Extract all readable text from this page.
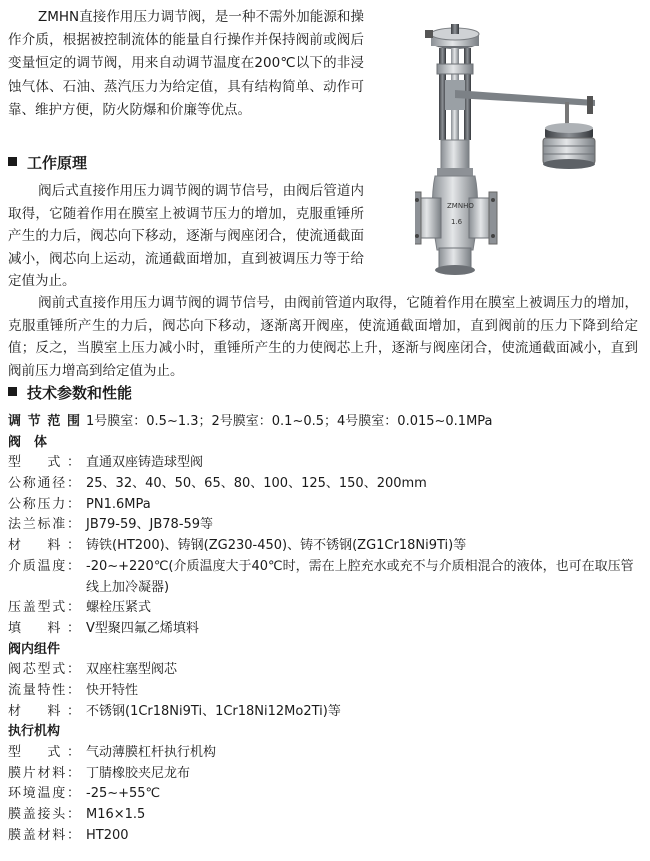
ZMHN直接作用压力调节阀，是一种不需外加能源和操作介质，根据被控制流体的能量自行操作并保持阀前或阀后变量恒定的调节阀，用来自动调节温度在200℃以下的非浸蚀气体、石油、蒸汽压力为给定值，具有结构简单、动作可靠、维护方便，防火防爆和价廉等优点。
ZMNHO
1.6
工作原理
阀后式直接作用压力调节阀的调节信号，由阀后管道内取得，它随着作用在膜室上被调节压力的增加，克服重锤所产生的力后，阀芯向下移动，逐渐与阀座闭合，使流通截面减小，阀芯向上运动，流通截面增加，直到被调压力等于给定值为止。
阀前式直接作用压力调节阀的调节信号，由阀前管道内取得，它随着作用在膜室上被调压力的增加，克服重锤所产生的力后，阀芯向下移动，逐渐离开阀座，使流通截面增加，直到阀前的压力下降到给定值；反之，当膜室上压力减小时，重锤所产生的力使阀芯上升，逐渐与阀座闭合，使流通截面减小，直到阀前压力增高到给定值为止。
技术参数和性能
调节范围 1号膜室：0.5~1.3；2号膜室：0.1~0.5；4号膜室：0.015~0.1MPa
阀　体
型　式： 直通双座铸造球型阀
公称通径： 25、32、40、50、65、80、100、125、150、200mm
公称压力： PN1.6MPa
法兰标准： JB79-59、JB78-59等
材　料： 铸铁(HT200)、铸钢(ZG230-450)、铸不锈钢(ZG1Cr18Ni9Ti)等
介质温度： -20~+220℃(介质温度大于40℃时，需在上腔充水或充不与介质相混合的液体，也可在取压管线上加冷凝器)
压盖型式： 螺栓压紧式
填　料： V型聚四氟乙烯填料
阀内组件
阀芯型式： 双座柱塞型阀芯
流量特性： 快开特性
材　料： 不锈钢(1Cr18Ni9Ti、1Cr18Ni12Mo2Ti)等
执行机构
型　式： 气动薄膜杠杆执行机构
膜片材料： 丁腈橡胶夹尼龙布
环境温度： -25~+55℃
膜盖接头： M16×1.5
膜盖材料： HT200
